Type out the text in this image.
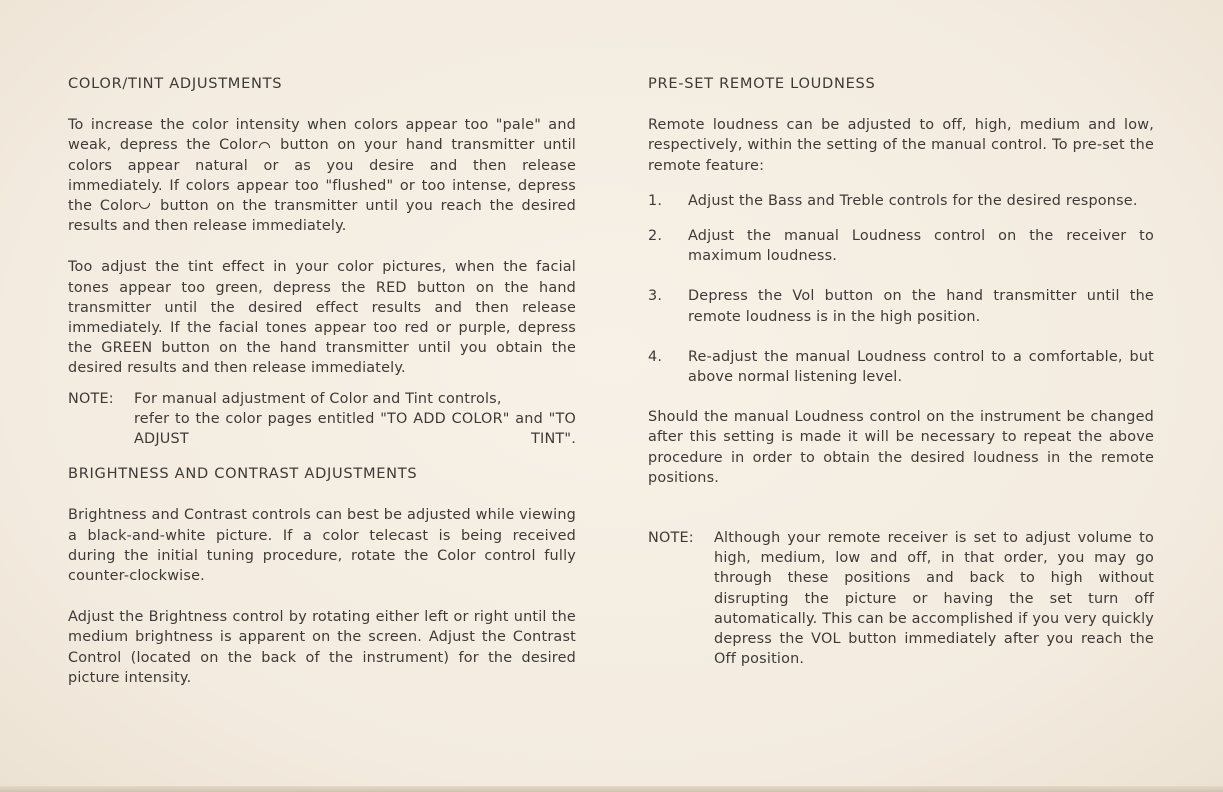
COLOR/TINT ADJUSTMENTS

To increase the color intensity when colors appear too "pale" and weak, depress the Color button on your hand transmitter until colors appear natural or as you desire and then release immediately. If colors appear too "flushed" or too intense, depress the Color button on the transmitter until you reach the desired results and then release immediately.

Too adjust the tint effect in your color pictures, when the facial tones appear too green, depress the RED button on the hand transmitter until the desired effect results and then release immediately. If the facial tones appear too red or purple, depress the GREEN button on the hand transmitter until you obtain the desired results and then release immediately.

NOTE:	For manual adjustment of Color and Tint controls,
refer to the color pages entitled "TO ADD COLOR" and "TO ADJUST TINT".
BRIGHTNESS AND CONTRAST ADJUSTMENTS

Brightness and Contrast controls can best be adjusted while viewing a black-and-white picture. If a color telecast is being received during the initial tuning procedure, rotate the Color control fully counter-clockwise.

Adjust the Brightness control by rotating either left or right until the medium brightness is apparent on the screen. Adjust the Contrast Control (located on the back of the instrument) for the desired picture intensity.

PRE-SET REMOTE LOUDNESS

Remote loudness can be adjusted to off, high, medium and low, respectively, within the setting of the manual control. To pre-set the remote feature:

1.	Adjust the Bass and Treble controls for the desired response.
2.	Adjust the manual Loudness control on the receiver to maximum loudness.
3.	Depress the Vol button on the hand transmitter until the remote loudness is in the high position.
4.	Re-adjust the manual Loudness control to a comfortable, but above normal listening level.

Should the manual Loudness control on the instrument be changed after this setting is made it will be necessary to repeat the above procedure in order to obtain the desired loudness in the remote positions.

NOTE:	Although your remote receiver is set to adjust volume to high, medium, low and off, in that order, you may go through these positions and back to high without disrupting the picture or having the set turn off automatically. This can be accomplished if you very quickly depress the VOL button immediately after you reach the Off position.
